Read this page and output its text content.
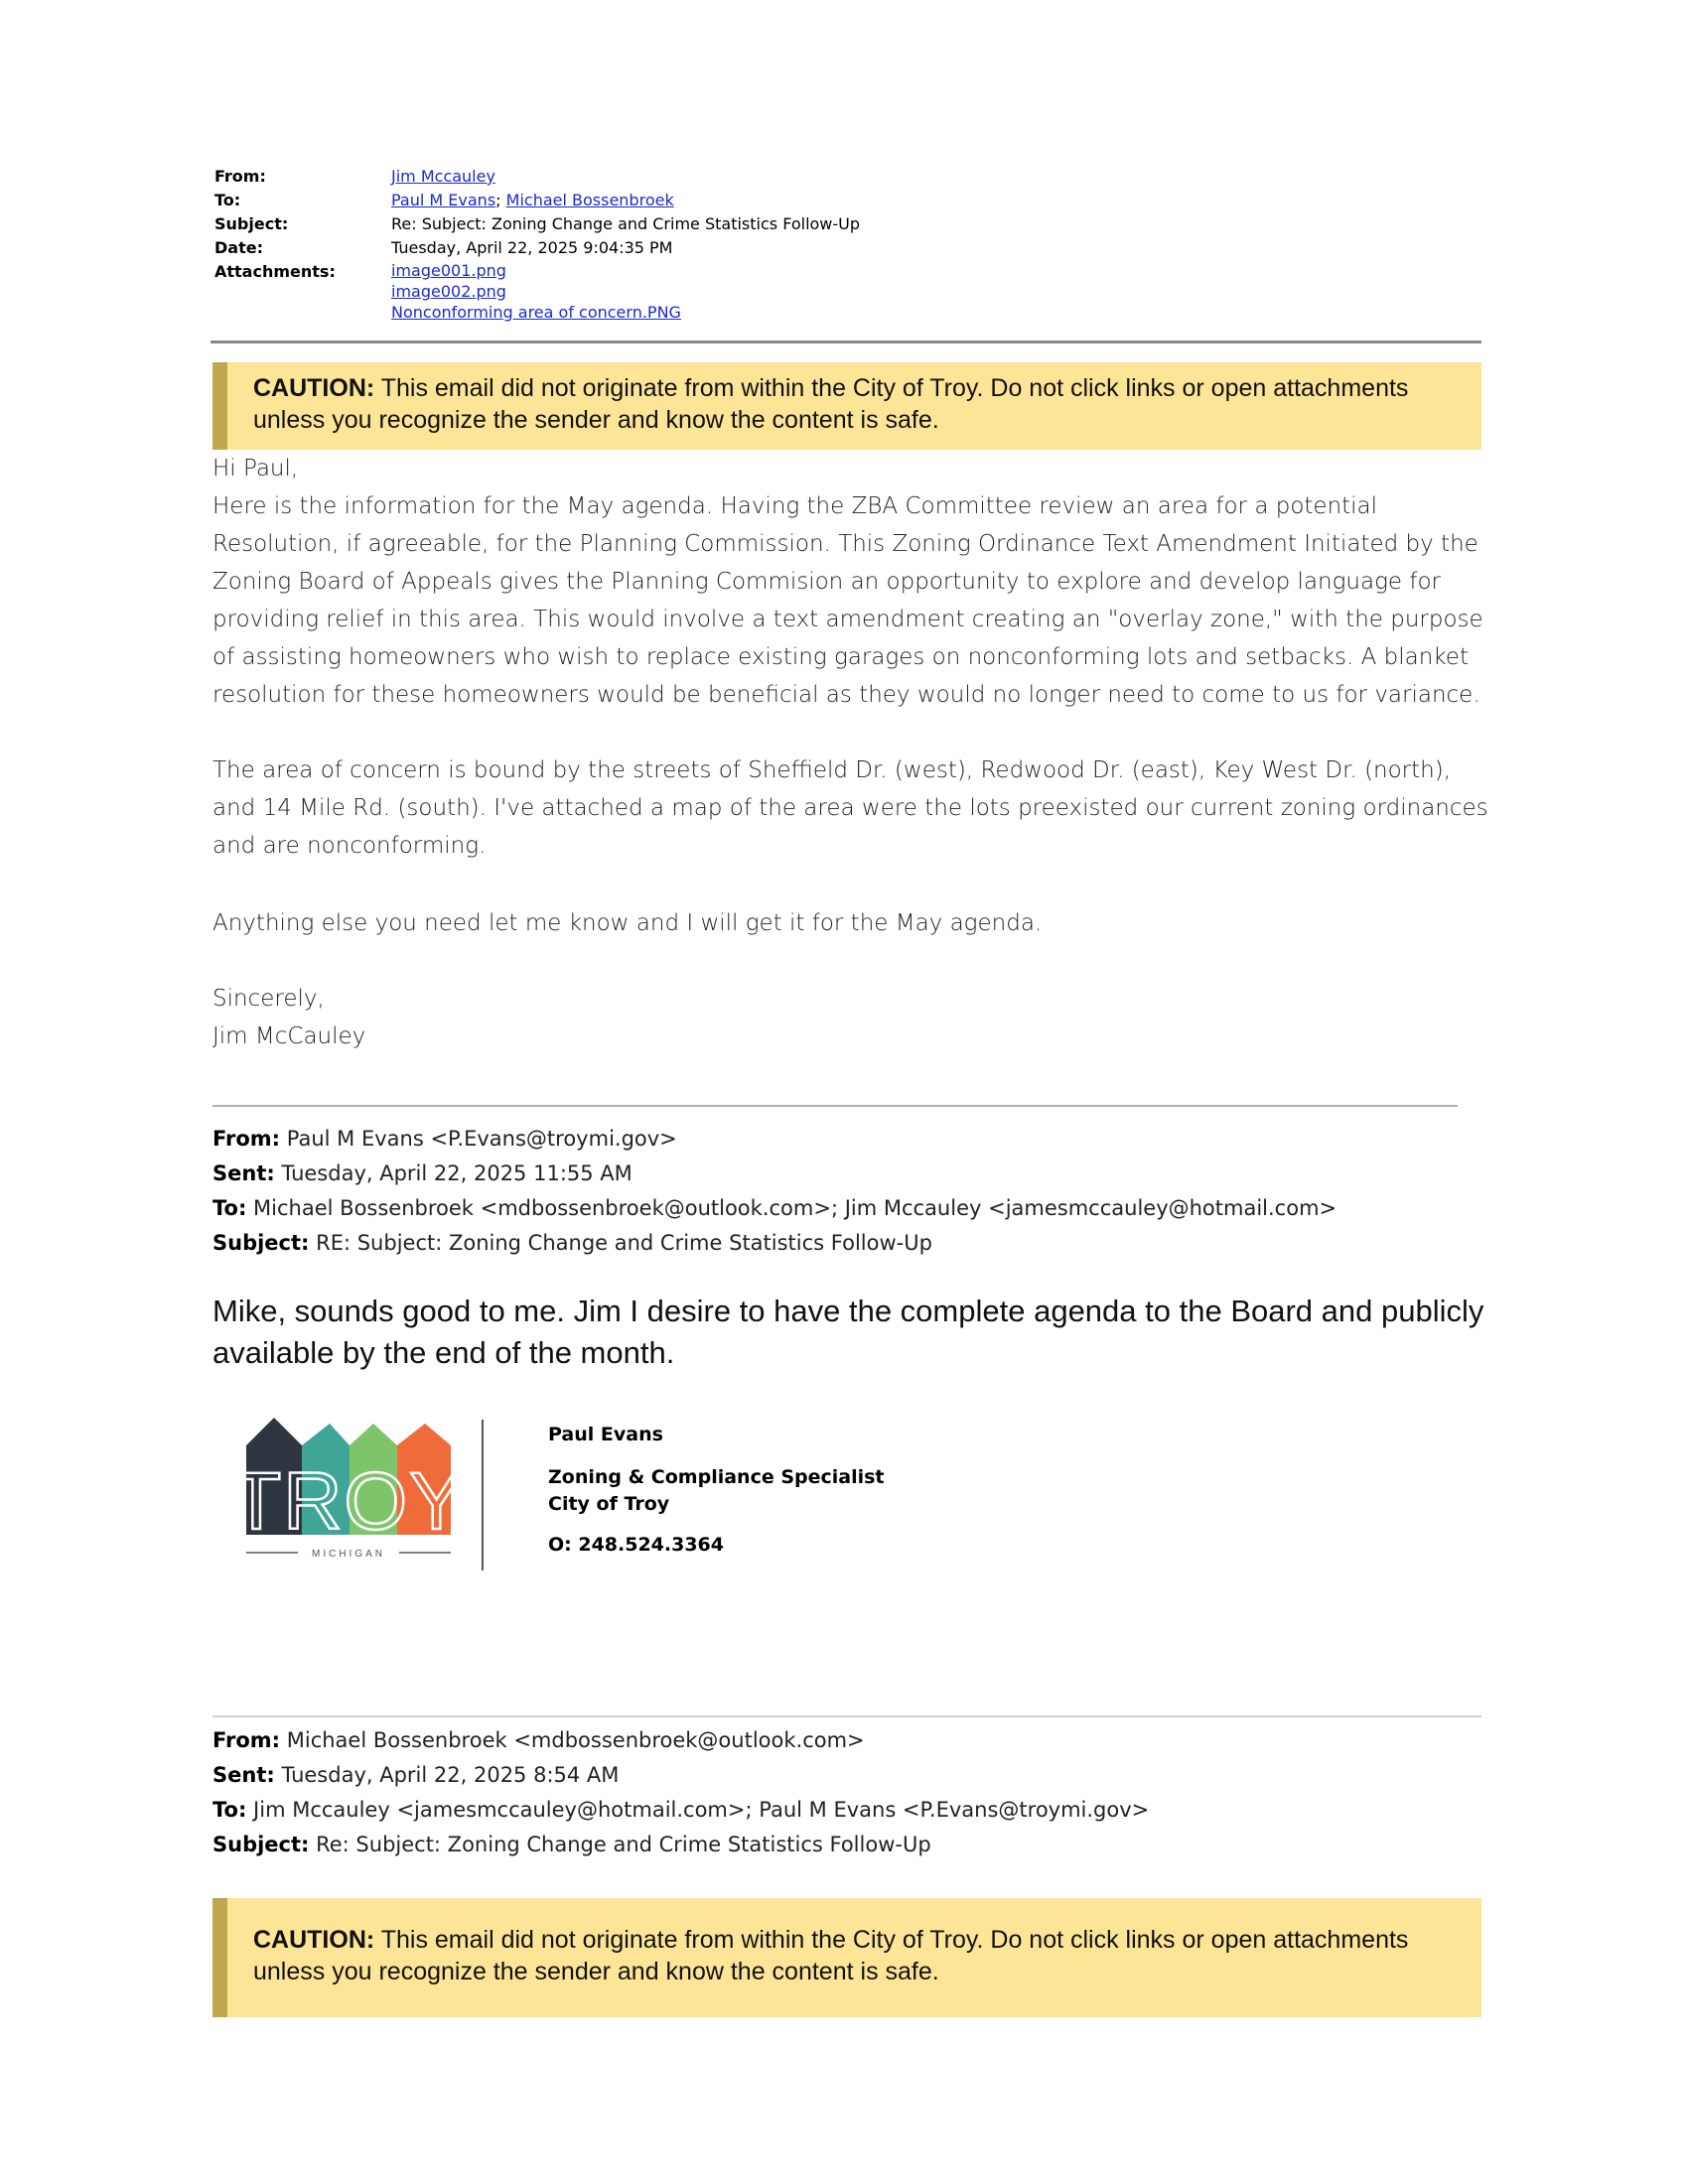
From:	Jim Mccauley
To:	Paul M Evans; Michael Bossenbroek
Subject:	Re: Subject: Zoning Change and Crime Statistics Follow-Up
Date:	Tuesday, April 22, 2025 9:04:35 PM
Attachments:	image001.png
image002.png
Nonconforming area of concern.PNG
CAUTION: This email did not originate from within the City of Troy. Do not click links or open attachments unless you recognize the sender and know the content is safe.
Hi Paul,
Here is the information for the May agenda. Having the ZBA Committee review an area for a potential Resolution, if agreeable, for the Planning Commission. This Zoning Ordinance Text Amendment Initiated by the Zoning Board of Appeals gives the Planning Commision an opportunity to explore and develop language for providing relief in this area. This would involve a text amendment creating an "overlay zone," with the purpose of assisting homeowners who wish to replace existing garages on nonconforming lots and setbacks. A blanket resolution for these homeowners would be beneficial as they would no longer need to come to us for variance.
The area of concern is bound by the streets of Sheffield Dr. (west), Redwood Dr. (east), Key West Dr. (north), and 14 Mile Rd. (south). I've attached a map of the area were the lots preexisted our current zoning ordinances and are nonconforming.
Anything else you need let me know and I will get it for the May agenda.

Sincerely,

Jim McCauley

From: Paul M Evans <P.Evans@troymi.gov>
Sent: Tuesday, April 22, 2025 11:55 AM
To: Michael Bossenbroek <mdbossenbroek@outlook.com>; Jim Mccauley <jamesmccauley@hotmail.com>
Subject: RE: Subject: Zoning Change and Crime Statistics Follow-Up
Mike, sounds good to me. Jim I desire to have the complete agenda to the Board and publicly available by the end of the month.
TROY
MICHIGAN
Paul Evans
Zoning & Compliance Specialist
City of Troy
O: 248.524.3364
From: Michael Bossenbroek <mdbossenbroek@outlook.com>
Sent: Tuesday, April 22, 2025 8:54 AM
To: Jim Mccauley <jamesmccauley@hotmail.com>; Paul M Evans <P.Evans@troymi.gov>
Subject: Re: Subject: Zoning Change and Crime Statistics Follow-Up
CAUTION: This email did not originate from within the City of Troy. Do not click links or open attachments unless you recognize the sender and know the content is safe.
